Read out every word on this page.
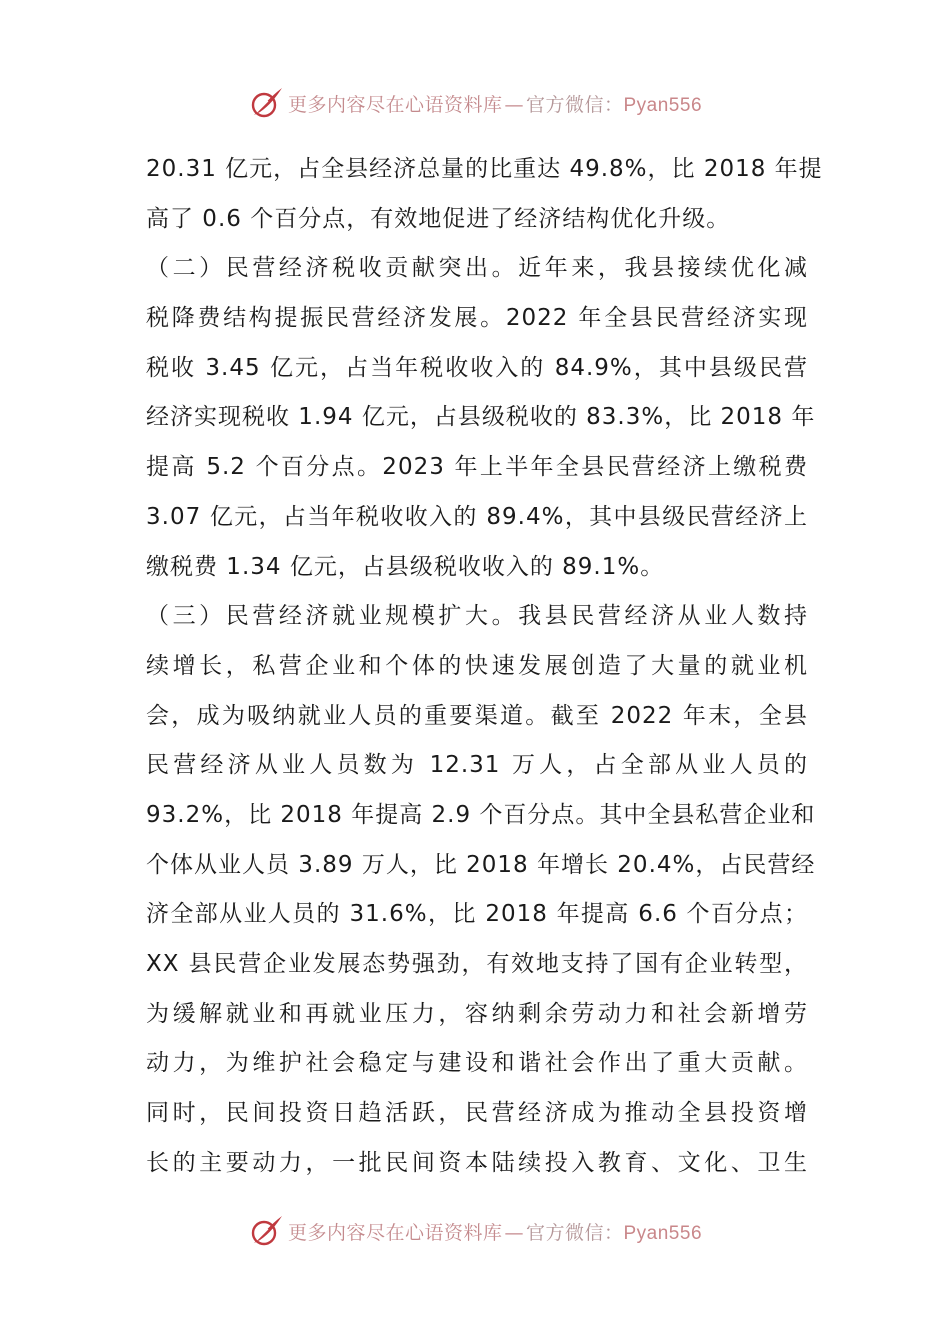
更多内容尽在心语资料库 — 官方微信：Pyan556
20.31 亿元，占全县经济总量的比重达 49.8%，比 2018 年提
高了 0.6 个百分点，有效地促进了经济结构优化升级。
（二）民营经济税收贡献突出。近年来，我县接续优化减
税降费结构提振民营经济发展。2022 年全县民营经济实现
税收 3.45 亿元，占当年税收收入的 84.9%，其中县级民营
经济实现税收 1.94 亿元，占县级税收的 83.3%，比 2018 年
提高 5.2 个百分点。2023 年上半年全县民营经济上缴税费
3.07 亿元，占当年税收收入的 89.4%，其中县级民营经济上
缴税费 1.34 亿元，占县级税收收入的 89.1%。
（三）民营经济就业规模扩大。我县民营经济从业人数持
续增长，私营企业和个体的快速发展创造了大量的就业机
会，成为吸纳就业人员的重要渠道。截至 2022 年末，全县
民营经济从业人员数为 12.31 万人，占全部从业人员的
93.2%，比 2018 年提高 2.9 个百分点。其中全县私营企业和
个体从业人员 3.89 万人，比 2018 年增长 20.4%，占民营经
济全部从业人员的 31.6%，比 2018 年提高 6.6 个百分点；
XX 县民营企业发展态势强劲，有效地支持了国有企业转型，
为缓解就业和再就业压力，容纳剩余劳动力和社会新增劳
动力，为维护社会稳定与建设和谐社会作出了重大贡献。
同时，民间投资日趋活跃，民营经济成为推动全县投资增
长的主要动力，一批民间资本陆续投入教育、文化、卫生
更多内容尽在心语资料库 — 官方微信：Pyan556
